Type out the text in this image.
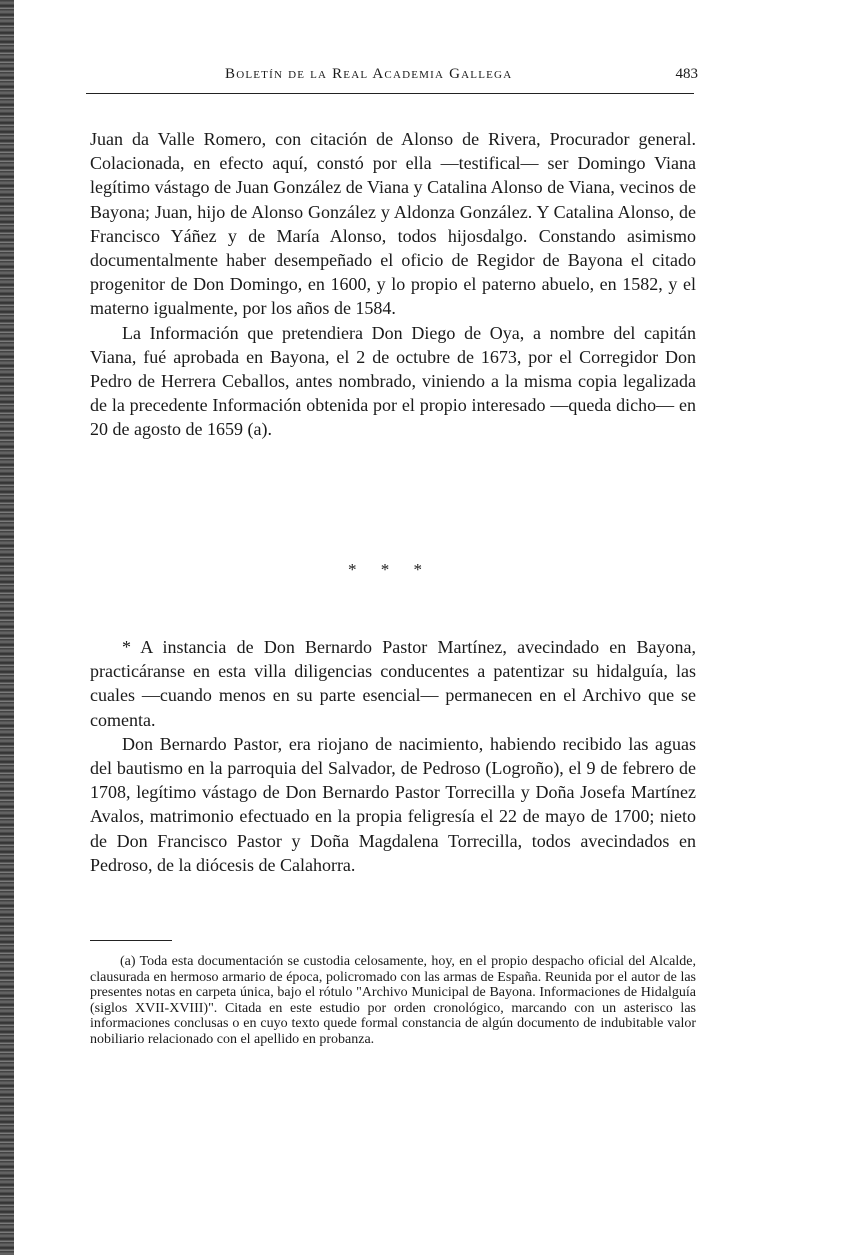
Boletín de la Real Academia Gallega	483

Juan da Valle Romero, con citación de Alonso de Rivera, Procurador general. Colacionada, en efecto aquí, constó por ella —testifical— ser Domingo Viana legítimo vástago de Juan González de Viana y Catalina Alonso de Viana, vecinos de Bayona; Juan, hijo de Alonso González y Aldonza González. Y Catalina Alonso, de Francisco Yáñez y de María Alonso, todos hijosdalgo. Constando asimismo documentalmente haber desempeñado el oficio de Regidor de Bayona el citado progenitor de Don Domingo, en 1600, y lo propio el paterno abuelo, en 1582, y el materno igualmente, por los años de 1584.

La Información que pretendiera Don Diego de Oya, a nombre del capitán Viana, fué aprobada en Bayona, el 2 de octubre de 1673, por el Corregidor Don Pedro de Herrera Ceballos, antes nombrado, viniendo a la misma copia legalizada de la precedente Información obtenida por el propio interesado —queda dicho— en 20 de agosto de 1659 (a).

* * *

* A instancia de Don Bernardo Pastor Martínez, avecindado en Bayona, practicáranse en esta villa diligencias conducentes a patentizar su hidalguía, las cuales —cuando menos en su parte esencial— permanecen en el Archivo que se comenta.

Don Bernardo Pastor, era riojano de nacimiento, habiendo recibido las aguas del bautismo en la parroquia del Salvador, de Pedroso (Logroño), el 9 de febrero de 1708, legítimo vástago de Don Bernardo Pastor Torrecilla y Doña Josefa Martínez Avalos, matrimonio efectuado en la propia feligresía el 22 de mayo de 1700; nieto de Don Francisco Pastor y Doña Magdalena Torrecilla, todos avecindados en Pedroso, de la diócesis de Calahorra.

(a) Toda esta documentación se custodia celosamente, hoy, en el propio despacho oficial del Alcalde, clausurada en hermoso armario de época, policromado con las armas de España. Reunida por el autor de las presentes notas en carpeta única, bajo el rótulo "Archivo Municipal de Bayona. Informaciones de Hidalguía (siglos XVII-XVIII)". Citada en este estudio por orden cronológico, marcando con un asterisco las informaciones conclusas o en cuyo texto quede formal constancia de algún documento de indubitable valor nobiliario relacionado con el apellido en probanza.
